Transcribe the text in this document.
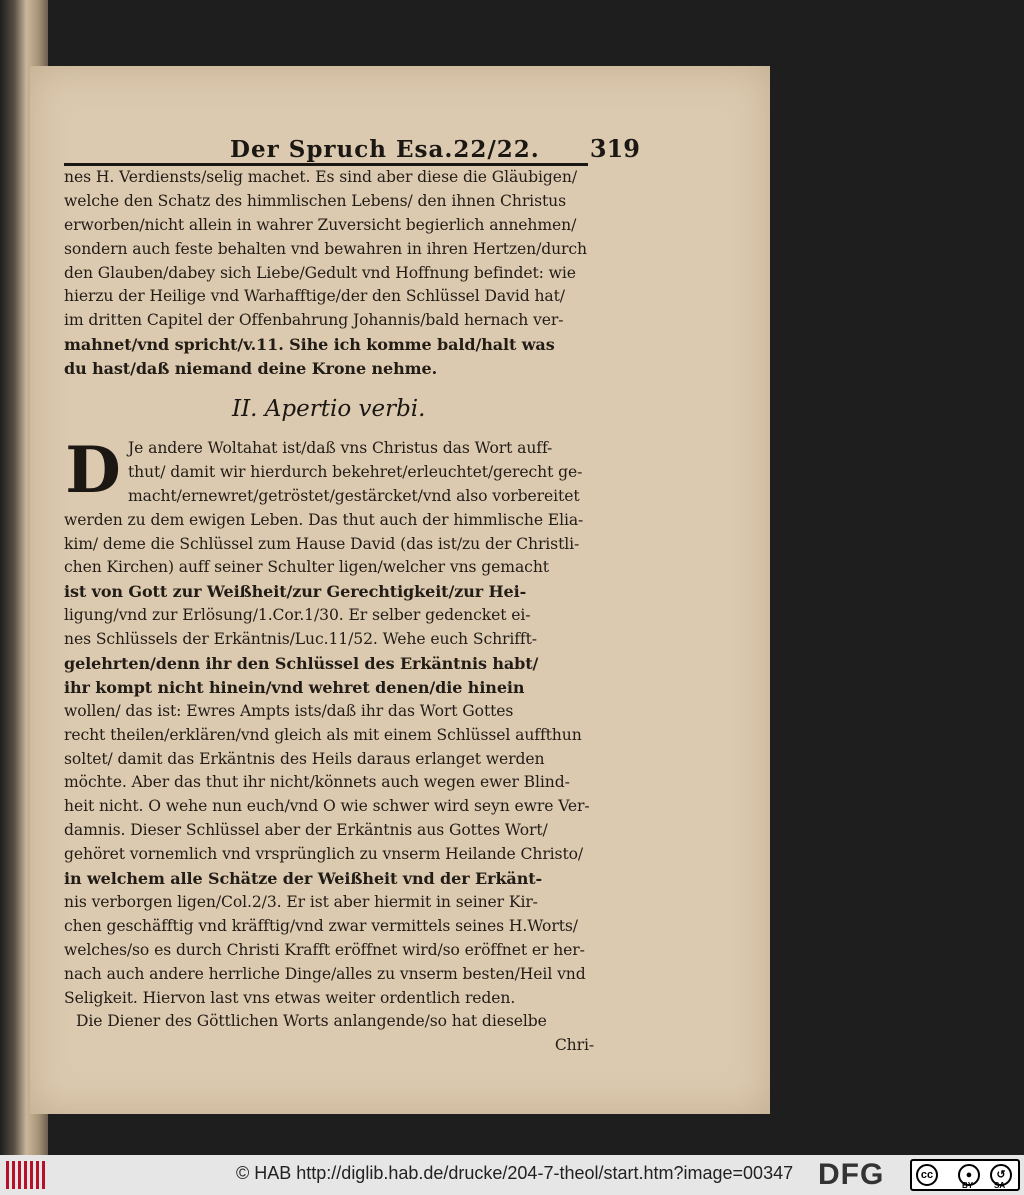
Der Spruch Esa.22/22. 319
nes H. Verdiensts/selig machet. Es sind aber diese die Gläubigen/
welche den Schatz des himmlischen Lebens/ den ihnen Christus
erworben/nicht allein in wahrer Zuversicht begierlich annehmen/
sondern auch feste behalten vnd bewahren in ihren Hertzen/durch
den Glauben/dabey sich Liebe/Gedult vnd Hoffnung befindet: wie
hierzu der Heilige vnd Warhafftige/der den Schlüssel David hat/
im dritten Capitel der Offenbahrung Johannis/bald hernach ver-
mahnet/vnd spricht/v.11. Sihe ich komme bald/halt was
du hast/daß niemand deine Krone nehme.
II. Apertio verbi.
D Je andere Woltahat ist/daß vns Christus das Wort auff-
thut/ damit wir hierdurch bekehret/erleuchtet/gerecht ge-
macht/ernewret/getröstet/gestärcket/vnd also vorbereitet
werden zu dem ewigen Leben. Das thut auch der himmlische Elia-
kim/ deme die Schlüssel zum Hause David (das ist/zu der Christli-
chen Kirchen) auff seiner Schulter ligen/welcher vns gemacht
ist von Gott zur Weißheit/zur Gerechtigkeit/zur Hei-
ligung/vnd zur Erlösung/1.Cor.1/30. Er selber gedencket ei-
nes Schlüssels der Erkäntnis/Luc.11/52. Wehe euch Schrifft-
gelehrten/denn ihr den Schlüssel des Erkäntnis habt/
ihr kompt nicht hinein/vnd wehret denen/die hinein
wollen/ das ist: Ewres Ampts ists/daß ihr das Wort Gottes
recht theilen/erklären/vnd gleich als mit einem Schlüssel auffthun
soltet/ damit das Erkäntnis des Heils daraus erlanget werden
möchte. Aber das thut ihr nicht/könnets auch wegen ewer Blind-
heit nicht. O wehe nun euch/vnd O wie schwer wird seyn ewre Ver-
damnis. Dieser Schlüssel aber der Erkäntnis aus Gottes Wort/
gehöret vornemlich vnd vrsprünglich zu vnserm Heilande Christo/
in welchem alle Schätze der Weißheit vnd der Erkänt-
nis verborgen ligen/Col.2/3. Er ist aber hiermit in seiner Kir-
chen geschäfftig vnd kräfftig/vnd zwar vermittels seines H.Worts/
welches/so es durch Christi Krafft eröffnet wird/so eröffnet er her-
nach auch andere herrliche Dinge/alles zu vnserm besten/Heil vnd
Seligkeit. Hiervon last vns etwas weiter ordentlich reden.
Die Diener des Göttlichen Worts anlangende/so hat dieselbe
Chri-
© HAB http://diglib.hab.de/drucke/204-7-theol/start.htm?image=00347 DFG	cc	●	↺
BY	SA
